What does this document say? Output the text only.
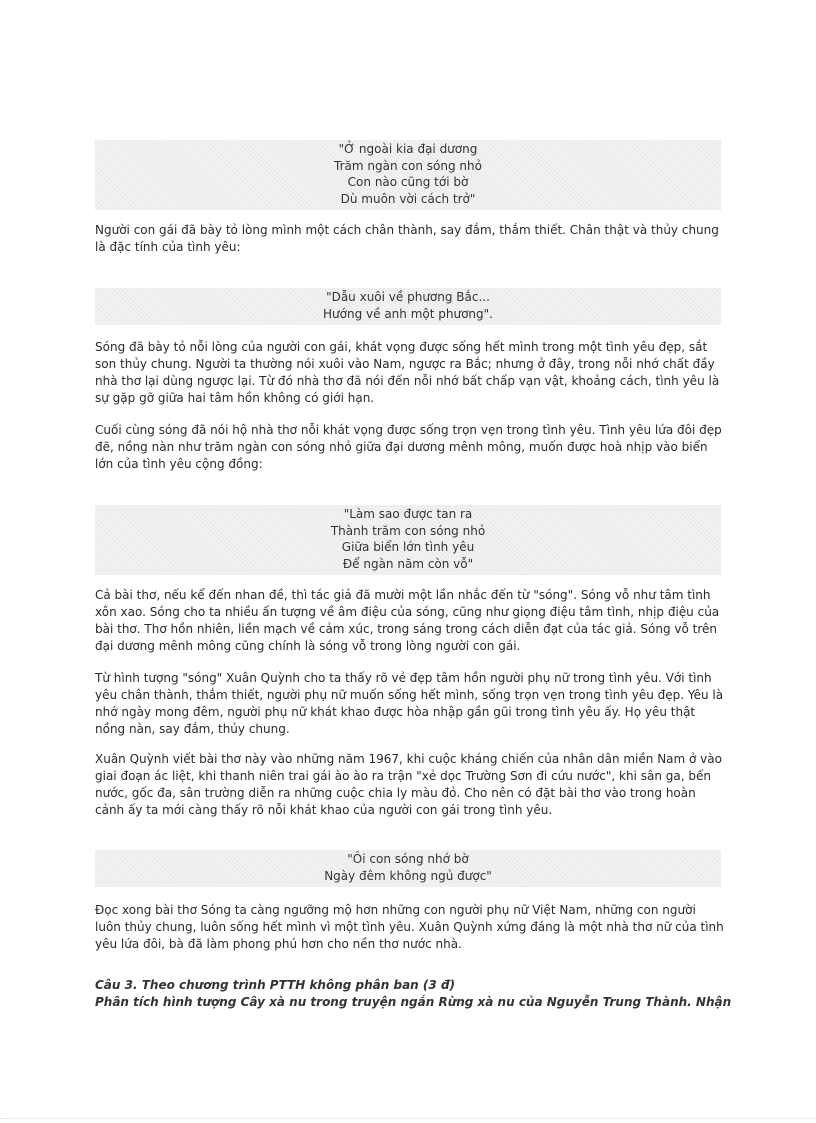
"Ở ngoài kia đại dương
Trăm ngàn con sóng nhỏ
Con nào cũng tới bờ
Dù muôn vời cách trở"

Người con gái đã bày tỏ lòng mình một cách chân thành, say đắm, thắm thiết. Chân thật và thủy chung là đặc tính của tình yêu:

"Dẫu xuôi về phương Bắc...
Hướng về anh một phương".

Sóng đã bày tỏ nỗi lòng của người con gái, khát vọng được sống hết mình trong một tình yêu đẹp, sắt son thủy chung. Người ta thường nói xuôi vào Nam, ngược ra Bắc; nhưng ở đây, trong nỗi nhớ chất đầy nhà thơ lại dùng ngược lại. Từ đó nhà thơ đã nói đến nỗi nhớ bất chấp vạn vật, khoảng cách, tình yêu là sự gặp gỡ giữa hai tâm hồn không có giới hạn.

Cuối cùng sóng đã nói hộ nhà thơ nỗi khát vọng được sống trọn vẹn trong tình yêu. Tình yêu lứa đôi đẹp đẽ, nồng nàn như trăm ngàn con sóng nhỏ giữa đại dương mênh mông, muốn được hoà nhịp vào biển lớn của tình yêu cộng đồng:

"Làm sao được tan ra
Thành trăm con sóng nhỏ
Giữa biển lớn tình yêu
Để ngàn năm còn vỗ"

Cả bài thơ, nếu kể đến nhan đề, thì tác giả đã mười một lần nhắc đến từ "sóng". Sóng vỗ như tâm tình xôn xao. Sóng cho ta nhiều ấn tượng về âm điệu của sóng, cũng như giọng điệu tâm tình, nhịp điệu của bài thơ. Thơ hồn nhiên, liền mạch về cảm xúc, trong sáng trong cách diễn đạt của tác giả. Sóng vỗ trên đại dương mênh mông cũng chính là sóng vỗ trong lòng người con gái.

Từ hình tượng "sóng" Xuân Quỳnh cho ta thấy rõ vẻ đẹp tâm hồn người phụ nữ trong tình yêu. Với tình yêu chân thành, thắm thiết, người phụ nữ muốn sống hết mình, sống trọn vẹn trong tình yêu đẹp. Yêu là nhớ ngày mong đêm, người phụ nữ khát khao được hòa nhập gần gũi trong tình yêu ấy. Họ yêu thật nồng nàn, say đắm, thủy chung.

Xuân Quỳnh viết bài thơ này vào những năm 1967, khi cuộc kháng chiến của nhân dân miền Nam ở vào giai đoạn ác liệt, khi thanh niên trai gái ào ào ra trận "xẻ dọc Trường Sơn đi cứu nước", khi sân ga, bến nước, gốc đa, sân trường diễn ra những cuộc chia ly màu đỏ. Cho nên có đặt bài thơ vào trong hoàn cảnh ấy ta mới càng thấy rõ nỗi khát khao của người con gái trong tình yêu.

"Ôi con sóng nhớ bờ
Ngày đêm không ngủ được"

Đọc xong bài thơ Sóng ta càng ngưỡng mộ hơn những con người phụ nữ Việt Nam, những con người luôn thủy chung, luôn sống hết mình vì một tình yêu. Xuân Quỳnh xứng đáng là một nhà thơ nữ của tình yêu lứa đôi, bà đã làm phong phú hơn cho nền thơ nước nhà.

Câu 3. Theo chương trình PTTH không phân ban (3 đ)
Phân tích hình tượng Cây xà nu trong truyện ngắn Rừng xà nu của Nguyễn Trung Thành. Nhận
